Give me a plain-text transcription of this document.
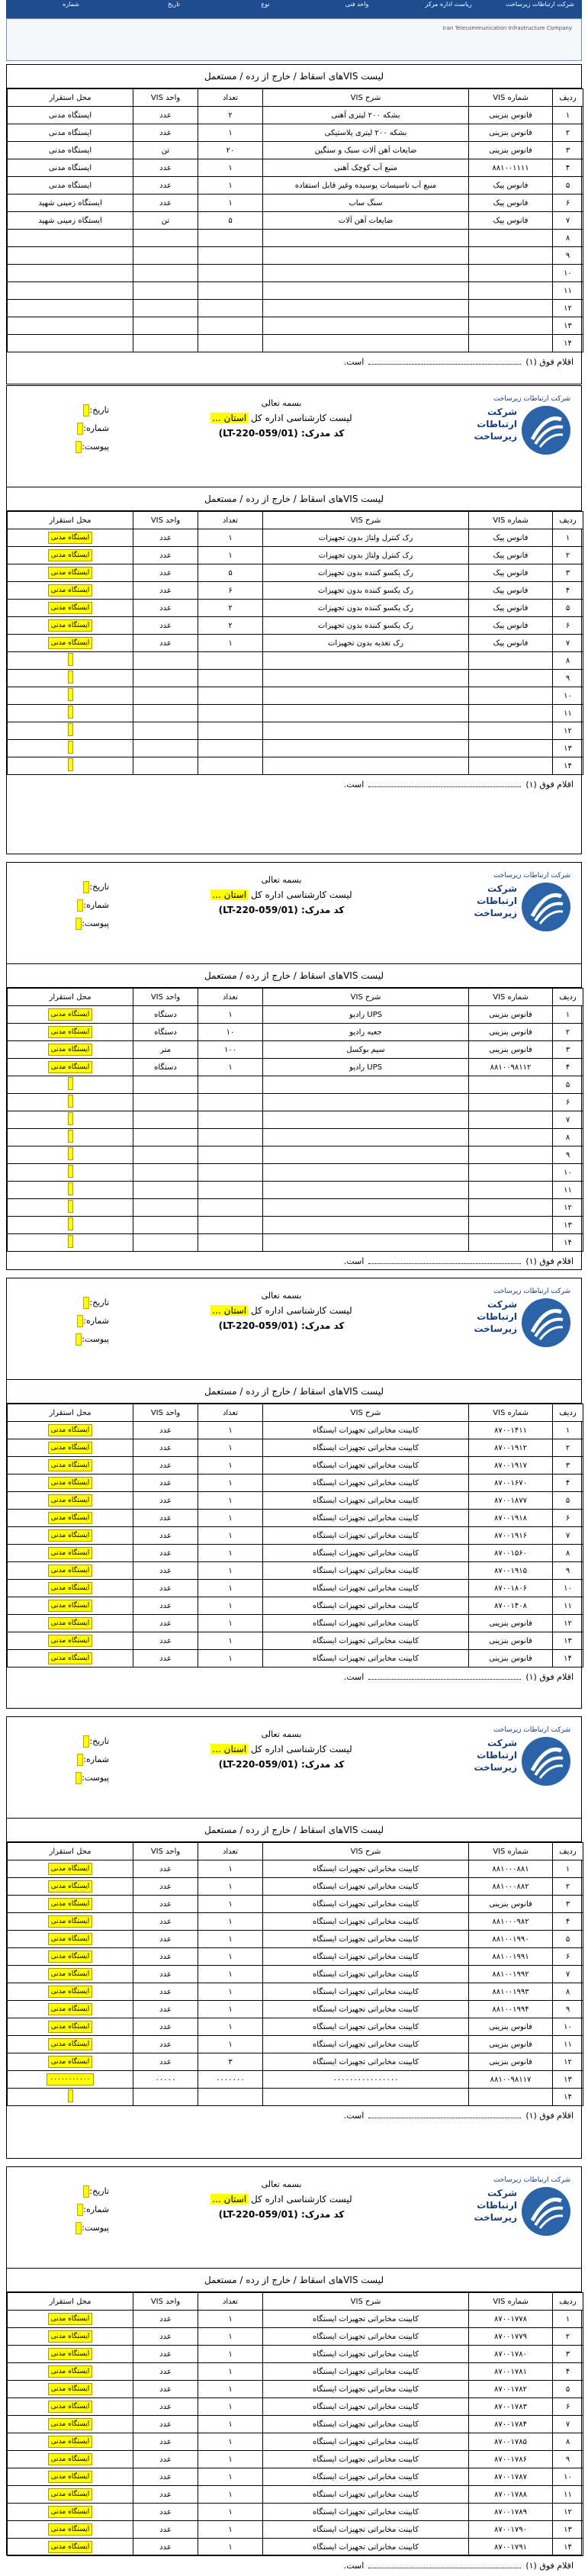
شرکت ارتباطات زیرساخت
ریاست اداره مرکز
واحد فنی
نوع
تاریخ
شماره
Iran Telecommunication Infrastructure Company
لیست VISهای اسقاط / خارج از رده / مستعمل
ردیف	شماره VIS	شرح VIS	تعداد	واحد VIS	محل استقرار
۱	فانوس بنزینی	بشکه ۲۰۰ لیتری آهنی	۲	عدد	ایستگاه مدنی
۲	فانوس بنزینی	بشکه ۲۰۰ لیتری پلاستیکی	۱	عدد	ایستگاه مدنی
۳	فانوس بنزینی	ضایعات آهن آلات سبک و سنگین	۲۰	تن	ایستگاه مدنی
۴	۸۸۱۰۰۱۱۱۱	منبع آب کوچک آهنی	۱	عدد	ایستگاه مدنی
۵	فانوس پیک	منبع آب تاسیسات پوسیده وغیر قابل استفاده	۱	عدد	ایستگاه مدنی
۶	فانوس پیک	سنگ ساب	۱	عدد	ایستگاه زمینی شهید
۷	فانوس پیک	ضایعات آهن آلات	۵	تن	ایستگاه زمینی شهید
۸					
۹					
۱۰					
۱۱					
۱۲					
۱۳					
۱۴					
اقلام فوق (۱)است.
شرکت ارتباطات زیرساخت
شرکت ارتباطات زیرساخت
بسمه تعالی
لیست کارشناسی اداره کل استان ...
کد مدرک: (LT-220-059/01)
تاریخ:
شماره:
پیوست:
لیست VISهای اسقاط / خارج از رده / مستعمل
ردیف	شماره VIS	شرح VIS	تعداد	واحد VIS	محل استقرار
۱	فانوس پیک	رک کنترل ولتاژ بدون تجهیزات	۱	عدد	ایستگاه مدنی
۲	فانوس پیک	رک کنترل ولتاژ بدون تجهیزات	۱	عدد	ایستگاه مدنی
۳	فانوس پیک	رک یکسو کننده بدون تجهیزات	۵	عدد	ایستگاه مدنی
۴	فانوس پیک	رک یکسو کننده بدون تجهیزات	۶	عدد	ایستگاه مدنی
۵	فانوس پیک	رک یکسو کننده بدون تجهیزات	۲	عدد	ایستگاه مدنی
۶	فانوس پیک	رک یکسو کننده بدون تجهیزات	۲	عدد	ایستگاه مدنی
۷	فانوس پیک	رک تغذیه بدون تجهیزات	۱	عدد	ایستگاه مدنی
۸					
۹					
۱۰					
۱۱					
۱۲					
۱۳					
۱۴					
اقلام فوق (۱)است.
شرکت ارتباطات زیرساخت
شرکت ارتباطات زیرساخت
بسمه تعالی
لیست کارشناسی اداره کل استان ...
کد مدرک: (LT-220-059/01)
تاریخ:
شماره:
پیوست:
لیست VISهای اسقاط / خارج از رده / مستعمل
ردیف	شماره VIS	شرح VIS	تعداد	واحد VIS	محل استقرار
۱	فانوس بنزینی	UPS رادیو	۱	دستگاه	ایستگاه مدنی
۲	فانوس بنزینی	جعبه رادیو	۱۰	دستگاه	ایستگاه مدنی
۳	فانوس بنزینی	سیم بوکسل	۱۰۰	متر	ایستگاه مدنی
۴	۸۸۱۰۰۹۸۱۱۲	UPS رادیو	۱	دستگاه	ایستگاه مدنی
۵					
۶					
۷					
۸					
۹					
۱۰					
۱۱					
۱۲					
۱۳					
۱۴					
اقلام فوق (۱)است.
شرکت ارتباطات زیرساخت
شرکت ارتباطات زیرساخت
بسمه تعالی
لیست کارشناسی اداره کل استان ...
کد مدرک: (LT-220-059/01)
تاریخ:
شماره:
پیوست:
لیست VISهای اسقاط / خارج از رده / مستعمل
ردیف	شماره VIS	شرح VIS	تعداد	واحد VIS	محل استقرار
۱	۸۷۰۰۱۴۱۱	کابینت مخابراتی تجهیزات ایستگاه	۱	عدد	ایستگاه مدنی
۲	۸۷۰۰۱۹۱۲	کابینت مخابراتی تجهیزات ایستگاه	۱	عدد	ایستگاه مدنی
۳	۸۷۰۰۱۹۱۷	کابینت مخابراتی تجهیزات ایستگاه	۱	عدد	ایستگاه مدنی
۴	۸۷۰۰۱۶۷۰	کابینت مخابراتی تجهیزات ایستگاه	۱	عدد	ایستگاه مدنی
۵	۸۷۰۰۱۸۷۷	کابینت مخابراتی تجهیزات ایستگاه	۱	عدد	ایستگاه مدنی
۶	۸۷۰۰۱۹۱۸	کابینت مخابراتی تجهیزات ایستگاه	۱	عدد	ایستگاه مدنی
۷	۸۷۰۰۱۹۱۶	کابینت مخابراتی تجهیزات ایستگاه	۱	عدد	ایستگاه مدنی
۸	۸۷۰۰۱۵۶۰	کابینت مخابراتی تجهیزات ایستگاه	۱	عدد	ایستگاه مدنی
۹	۸۷۰۰۱۹۱۵	کابینت مخابراتی تجهیزات ایستگاه	۱	عدد	ایستگاه مدنی
۱۰	۸۷۰۰۱۸۰۶	کابینت مخابراتی تجهیزات ایستگاه	۱	عدد	ایستگاه مدنی
۱۱	۸۷۰۰۱۴۰۸	کابینت مخابراتی تجهیزات ایستگاه	۱	عدد	ایستگاه مدنی
۱۲	فانوس بنزینی	کابینت مخابراتی تجهیزات ایستگاه	۱	عدد	ایستگاه مدنی
۱۳	فانوس بنزینی	کابینت مخابراتی تجهیزات ایستگاه	۱	عدد	ایستگاه مدنی
۱۴	فانوس بنزینی	کابینت مخابراتی تجهیزات ایستگاه	۱	عدد	ایستگاه مدنی
اقلام فوق (۱)است.
شرکت ارتباطات زیرساخت
شرکت ارتباطات زیرساخت
بسمه تعالی
لیست کارشناسی اداره کل استان ...
کد مدرک: (LT-220-059/01)
تاریخ:
شماره:
پیوست:
لیست VISهای اسقاط / خارج از رده / مستعمل
ردیف	شماره VIS	شرح VIS	تعداد	واحد VIS	محل استقرار
۱	۸۸۱۰۰۰۸۸۱	کابینت مخابراتی تجهیزات ایستگاه	۱	عدد	ایستگاه مدنی
۲	۸۸۱۰۰۰۸۸۲	کابینت مخابراتی تجهیزات ایستگاه	۱	عدد	ایستگاه مدنی
۳	فانوس بنزینی	کابینت مخابراتی تجهیزات ایستگاه	۱	عدد	ایستگاه مدنی
۴	۸۸۱۰۰۰۹۸۲	کابینت مخابراتی تجهیزات ایستگاه	۱	عدد	ایستگاه مدنی
۵	۸۸۱۰۰۱۹۹۰	کابینت مخابراتی تجهیزات ایستگاه	۱	عدد	ایستگاه مدنی
۶	۸۸۱۰۰۱۹۹۱	کابینت مخابراتی تجهیزات ایستگاه	۱	عدد	ایستگاه مدنی
۷	۸۸۱۰۰۱۹۹۲	کابینت مخابراتی تجهیزات ایستگاه	۱	عدد	ایستگاه مدنی
۸	۸۸۱۰۰۱۹۹۳	کابینت مخابراتی تجهیزات ایستگاه	۱	عدد	ایستگاه مدنی
۹	۸۸۱۰۰۱۹۹۴	کابینت مخابراتی تجهیزات ایستگاه	۱	عدد	ایستگاه مدنی
۱۰	فانوس بنزینی	کابینت مخابراتی تجهیزات ایستگاه	۱	عدد	ایستگاه مدنی
۱۱	فانوس بنزینی	کابینت مخابراتی تجهیزات ایستگاه	۱	عدد	ایستگاه مدنی
۱۲	فانوس بنزینی	کابینت مخابراتی تجهیزات ایستگاه	۳	عدد	ایستگاه مدنی
۱۳	۸۸۱۰۰۹۸۱۱۷	۰۰۰۰۰۰۰۰۰۰۰۰۰۰۰۰	۰۰۰۰۰۰۰	۰۰۰۰۰	۰۰۰۰۰۰۰۰۰۰۰
۱۴					
اقلام فوق (۱)است.
شرکت ارتباطات زیرساخت
شرکت ارتباطات زیرساخت
بسمه تعالی
لیست کارشناسی اداره کل استان ...
کد مدرک: (LT-220-059/01)
تاریخ:
شماره:
پیوست:
لیست VISهای اسقاط / خارج از رده / مستعمل
ردیف	شماره VIS	شرح VIS	تعداد	واحد VIS	محل استقرار
۱	۸۷۰۰۱۷۷۸	کابینت مخابراتی تجهیزات ایستگاه	۱	عدد	ایستگاه مدنی
۲	۸۷۰۰۱۷۷۹	کابینت مخابراتی تجهیزات ایستگاه	۱	عدد	ایستگاه مدنی
۳	۸۷۰۰۱۷۸۰	کابینت مخابراتی تجهیزات ایستگاه	۱	عدد	ایستگاه مدنی
۴	۸۷۰۰۱۷۸۱	کابینت مخابراتی تجهیزات ایستگاه	۱	عدد	ایستگاه مدنی
۵	۸۷۰۰۱۷۸۲	کابینت مخابراتی تجهیزات ایستگاه	۱	عدد	ایستگاه مدنی
۶	۸۷۰۰۱۷۸۳	کابینت مخابراتی تجهیزات ایستگاه	۱	عدد	ایستگاه مدنی
۷	۸۷۰۰۱۷۸۴	کابینت مخابراتی تجهیزات ایستگاه	۱	عدد	ایستگاه مدنی
۸	۸۷۰۰۱۷۸۵	کابینت مخابراتی تجهیزات ایستگاه	۱	عدد	ایستگاه مدنی
۹	۸۷۰۰۱۷۸۶	کابینت مخابراتی تجهیزات ایستگاه	۱	عدد	ایستگاه مدنی
۱۰	۸۷۰۰۱۷۸۷	کابینت مخابراتی تجهیزات ایستگاه	۱	عدد	ایستگاه مدنی
۱۱	۸۷۰۰۱۷۸۸	کابینت مخابراتی تجهیزات ایستگاه	۱	عدد	ایستگاه مدنی
۱۲	۸۷۰۰۱۷۸۹	کابینت مخابراتی تجهیزات ایستگاه	۱	عدد	ایستگاه مدنی
۱۳	۸۷۰۰۱۷۹۰	کابینت مخابراتی تجهیزات ایستگاه	۱	عدد	ایستگاه مدنی
۱۴	۸۷۰۰۱۷۹۱	کابینت مخابراتی تجهیزات ایستگاه	۱	عدد	ایستگاه مدنی
اقلام فوق (۱)است.
